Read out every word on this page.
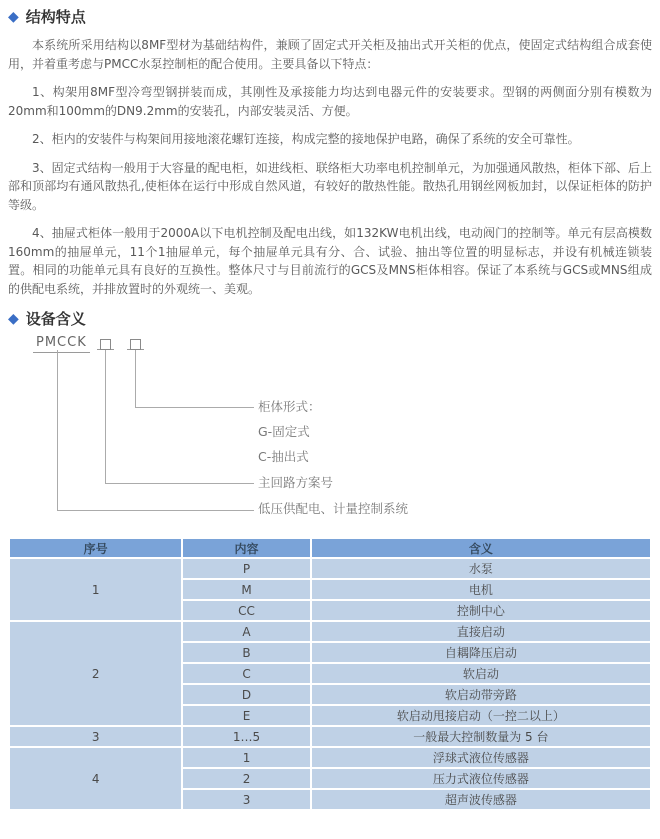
◆ 结构特点

本系统所采用结构以8MF型材为基础结构件，兼顾了固定式开关柜及抽出式开关柜的优点，使固定式结构组合成套使用，并着重考虑与PMCC水泵控制柜的配合使用。主要具备以下特点：

1、构架用8MF型冷弯型钢拼装而成，其刚性及承接能力均达到电器元件的安装要求。型钢的两侧面分别有模数为20mm和100mm的DN9.2mm的安装孔，内部安装灵活、方便。

2、柜内的安装件与构架间用接地滚花螺钉连接，构成完整的接地保护电路，确保了系统的安全可靠性。

3、固定式结构一般用于大容量的配电柜，如进线柜、联络柜大功率电机控制单元，为加强通风散热，柜体下部、后上部和顶部均有通风散热孔,使柜体在运行中形成自然风道，有较好的散热性能。散热孔用钢丝网板加封，以保证柜体的防护等级。

4、抽屉式柜体一般用于2000A以下电机控制及配电出线，如132KW电机出线，电动阀门的控制等。单元有层高模数160mm的抽屉单元，11个1抽屉单元，每个抽屉单元具有分、合、试验、抽出等位置的明显标志，并设有机械连锁装置。相同的功能单元具有良好的互换性。整体尺寸与目前流行的GCS及MNS柜体相容。保证了本系统与GCS或MNS组成的供配电系统，并排放置时的外观统一、美观。

◆ 设备含义
PMCCK
柜体形式：
G-固定式
C-抽出式
主回路方案号
低压供配电、计量控制系统
序号	内容	含义
1	P	水泵
	M	电机
	CC	控制中心
2	A	直接启动
	B	自耦降压启动
	C	软启动
	D	软启动带旁路
	E	软启动甩接启动（一控二以上）
3	1…5	一般最大控制数量为 5 台
4	1	浮球式液位传感器
	2	压力式液位传感器
	3	超声波传感器
